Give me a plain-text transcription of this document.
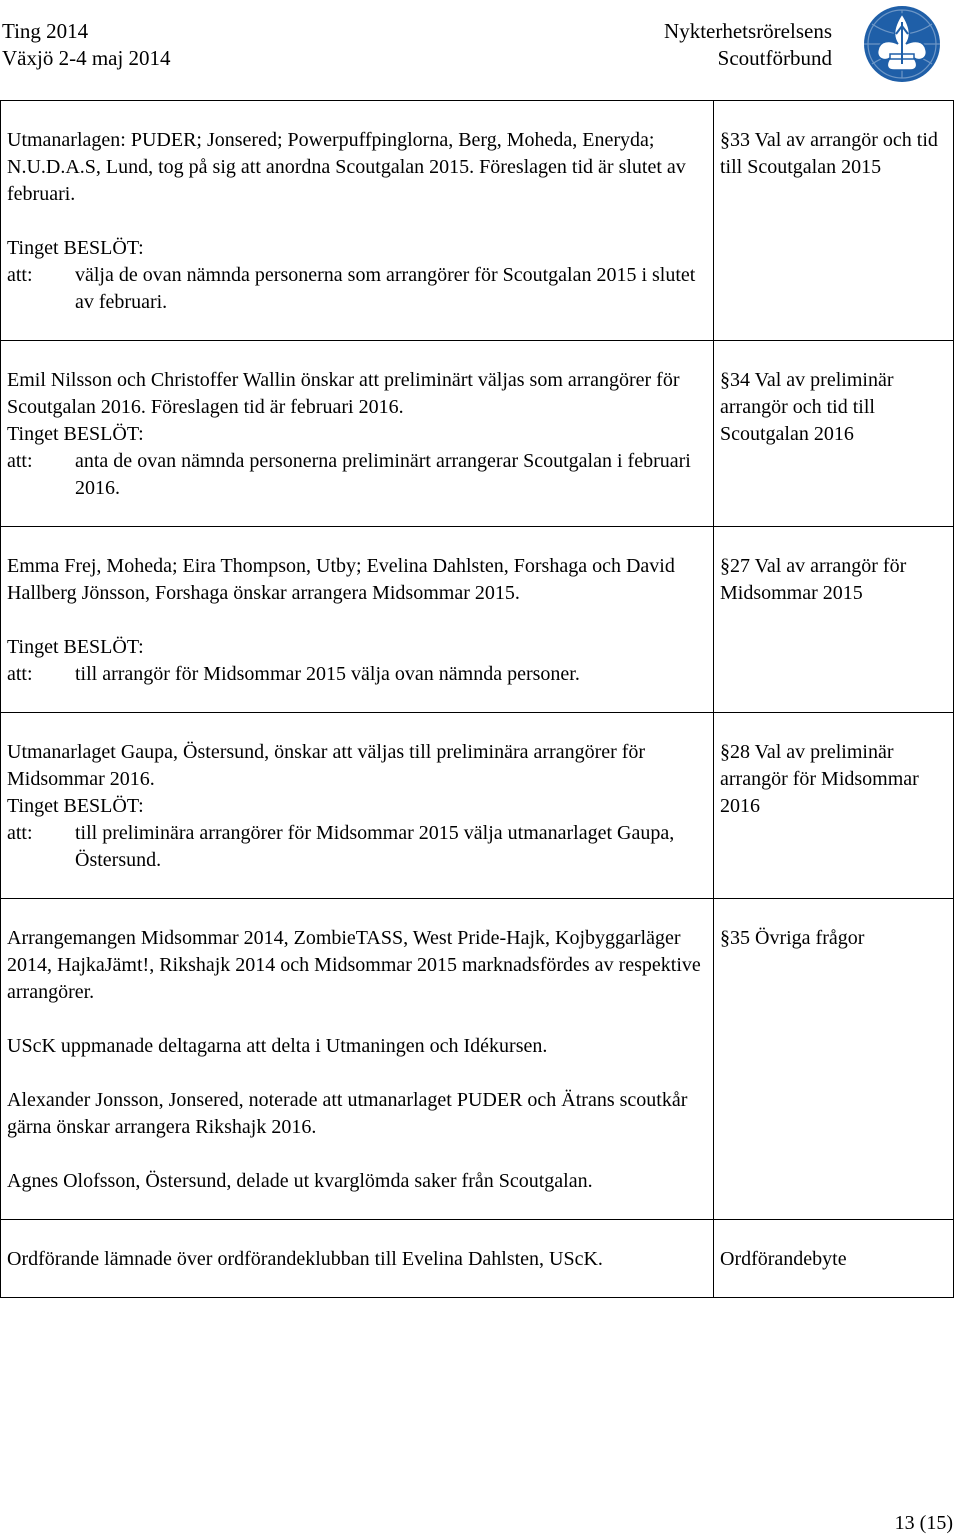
Ting 2014
Växjö 2-4 maj 2014
Nykterhetsrörelsens
Scoutförbund

Utmanarlagen: PUDER; Jonsered; Powerpuffpinglorna, Berg, Moheda, Eneryda; N.U.D.A.S, Lund, tog på sig att anordna Scoutgalan 2015. Föreslagen tid är slutet av februari.

Tinget BESLÖT:

att: välja de ovan nämnda personerna som arrangörer för Scoutgalan 2015 i slutet av februari.	§33 Val av arrangör och tid till Scoutgalan 2015

Emil Nilsson och Christoffer Wallin önskar att preliminärt väljas som arrangörer för Scoutgalan 2016. Föreslagen tid är februari 2016.

Tinget BESLÖT:

att: anta de ovan nämnda personerna preliminärt arrangerar Scoutgalan i februari 2016.	§34 Val av preliminär arrangör och tid till Scoutgalan 2016

Emma Frej, Moheda; Eira Thompson, Utby; Evelina Dahlsten, Forshaga och David Hallberg Jönsson, Forshaga önskar arrangera Midsommar 2015.

Tinget BESLÖT:

att: till arrangör för Midsommar 2015 välja ovan nämnda personer.	§27 Val av arrangör för Midsommar 2015

Utmanarlaget Gaupa, Östersund, önskar att väljas till preliminära arrangörer för Midsommar 2016.

Tinget BESLÖT:

att: till preliminära arrangörer för Midsommar 2015 välja utmanarlaget Gaupa, Östersund.	§28 Val av preliminär arrangör för Midsommar 2016

Arrangemangen Midsommar 2014, ZombieTASS, West Pride-Hajk, Kojbyggarläger 2014, HajkaJämt!, Rikshajk 2014 och Midsommar 2015 marknadsfördes av respektive arrangörer.

UScK uppmanade deltagarna att delta i Utmaningen och Idékursen.

Alexander Jonsson, Jonsered, noterade att utmanarlaget PUDER och Ätrans scoutkår gärna önskar arrangera Rikshajk 2016.

Agnes Olofsson, Östersund, delade ut kvarglömda saker från Scoutgalan.	§35 Övriga frågor

Ordförande lämnade över ordförandeklubban till Evelina Dahlsten, UScK.	Ordförandebyte
13 (15)
